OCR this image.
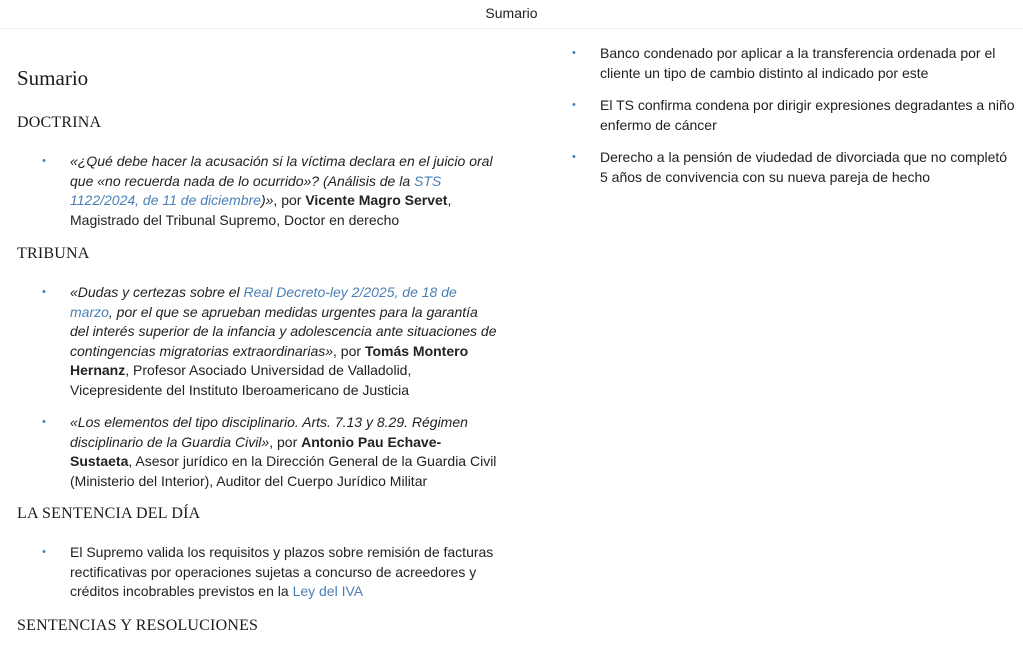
Sumario
Sumario
DOCTRINA
• «¿Qué debe hacer la acusación si la víctima declara en el juicio oral que «no recuerda nada de lo ocurrido»? (Análisis de la STS 1122/2024, de 11 de diciembre)», por Vicente Magro Servet, Magistrado del Tribunal Supremo, Doctor en derecho
TRIBUNA
• «Dudas y certezas sobre el Real Decreto-ley 2/2025, de 18 de marzo, por el que se aprueban medidas urgentes para la garantía del interés superior de la infancia y adolescencia ante situaciones de contingencias migratorias extraordinarias», por Tomás Montero Hernanz, Profesor Asociado Universidad de Valladolid, Vicepresidente del Instituto Iberoamericano de Justicia
• «Los elementos del tipo disciplinario. Arts. 7.13 y 8.29. Régimen disciplinario de la Guardia Civil», por Antonio Pau Echave-Sustaeta, Asesor jurídico en la Dirección General de la Guardia Civil (Ministerio del Interior), Auditor del Cuerpo Jurídico Militar
LA SENTENCIA DEL DÍA
• El Supremo valida los requisitos y plazos sobre remisión de facturas rectificativas por operaciones sujetas a concurso de acreedores y créditos incobrables previstos en la Ley del IVA
SENTENCIAS Y RESOLUCIONES
• Banco condenado por aplicar a la transferencia ordenada por el cliente un tipo de cambio distinto al indicado por este
• El TS confirma condena por dirigir expresiones degradantes a niño enfermo de cáncer
• Derecho a la pensión de viudedad de divorciada que no completó 5 años de convivencia con su nueva pareja de hecho
